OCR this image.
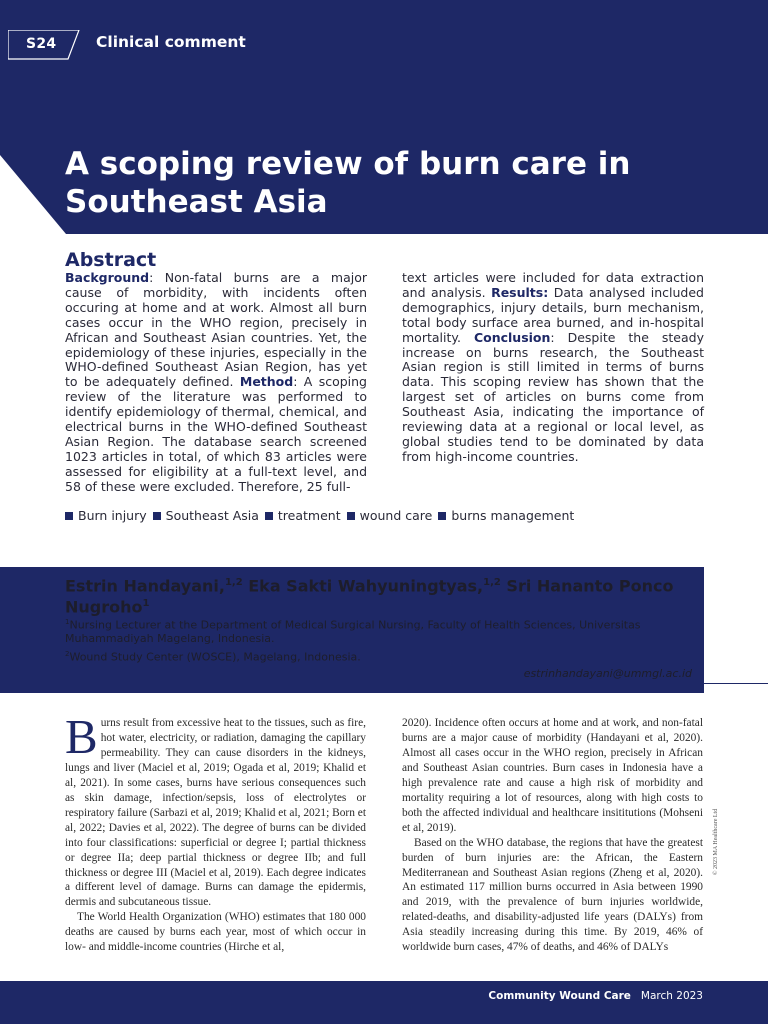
S24	Clinical comment
A scoping review of burn care in Southeast Asia
Abstract
Background: Non-fatal burns are a major cause of morbidity, with incidents often occuring at home and at work. Almost all burn cases occur in the WHO region, precisely in African and Southeast Asian countries. Yet, the epidemiology of these injuries, especially in the WHO-defined Southeast Asian Region, has yet to be adequately defined. Method: A scoping review of the literature was performed to identify epidemiology of thermal, chemical, and electrical burns in the WHO-defined Southeast Asian Region. The database search screened 1023 articles in total, of which 83 articles were assessed for eligibility at a full-text level, and 58 of these were excluded. Therefore, 25 full-
text articles were included for data extraction and analysis. Results: Data analysed included demographics, injury details, burn mechanism, total body surface area burned, and in-hospital mortality. Conclusion: Despite the steady increase on burns research, the Southeast Asian region is still limited in terms of burns data. This scoping review has shown that the largest set of articles on burns come from Southeast Asia, indicating the importance of reviewing data at a regional or local level, as global studies tend to be dominated by data from high-income countries.
Burn injury Southeast Asia treatment wound care burns management
Estrin Handayani,$^{1,2}$ Eka Sakti Wahyuningtyas,$^{1,2}$ Sri Hananto Ponco Nugroho$^1$
$^1$Nursing Lecturer at the Department of Medical Surgical Nursing, Faculty of Health Sciences, Universitas Muhammadiyah Magelang, Indonesia.
$^2$Wound Study Center (WOSCE), Magelang, Indonesia.
estrinhandayani@ummgl.ac.id

Burns result from excessive heat to the tissues, such as fire, hot water, electricity, or radiation, damaging the capillary permeability. They can cause disorders in the kidneys, lungs and liver (Maciel et al, 2019; Ogada et al, 2019; Khalid et al, 2021). In some cases, burns have serious consequences such as skin damage, infection/sepsis, loss of electrolytes or respiratory failure (Sarbazi et al, 2019; Khalid et al, 2021; Born et al, 2022; Davies et al, 2022). The degree of burns can be divided into four classifications: superficial or degree I; partial thickness or degree IIa; deep partial thickness or degree IIb; and full thickness or degree III (Maciel et al, 2019). Each degree indicates a different level of damage. Burns can damage the epidermis, dermis and subcutaneous tissue.

The World Health Organization (WHO) estimates that 180 000 deaths are caused by burns each year, most of which occur in low- and middle-income countries (Hirche et al,

2020). Incidence often occurs at home and at work, and non-fatal burns are a major cause of morbidity (Handayani et al, 2020). Almost all cases occur in the WHO region, precisely in African and Southeast Asian countries. Burn cases in Indonesia have a high prevalence rate and cause a high risk of morbidity and mortality requiring a lot of resources, along with high costs to both the affected individual and healthcare insititutions (Mohseni et al, 2019).

Based on the WHO database, the regions that have the greatest burden of burn injuries are: the African, the Eastern Mediterranean and Southeast Asian regions (Zheng et al, 2020). An estimated 117 million burns occurred in Asia between 1990 and 2019, with the prevalence of burn injuries worldwide, related-deaths, and disability-adjusted life years (DALYs) from Asia steadily increasing during this time. By 2019, 46% of worldwide burn cases, 47% of deaths, and 46% of DALYs

© 2023 MA Healthcare Ltd
Community Wound Care March 2023
